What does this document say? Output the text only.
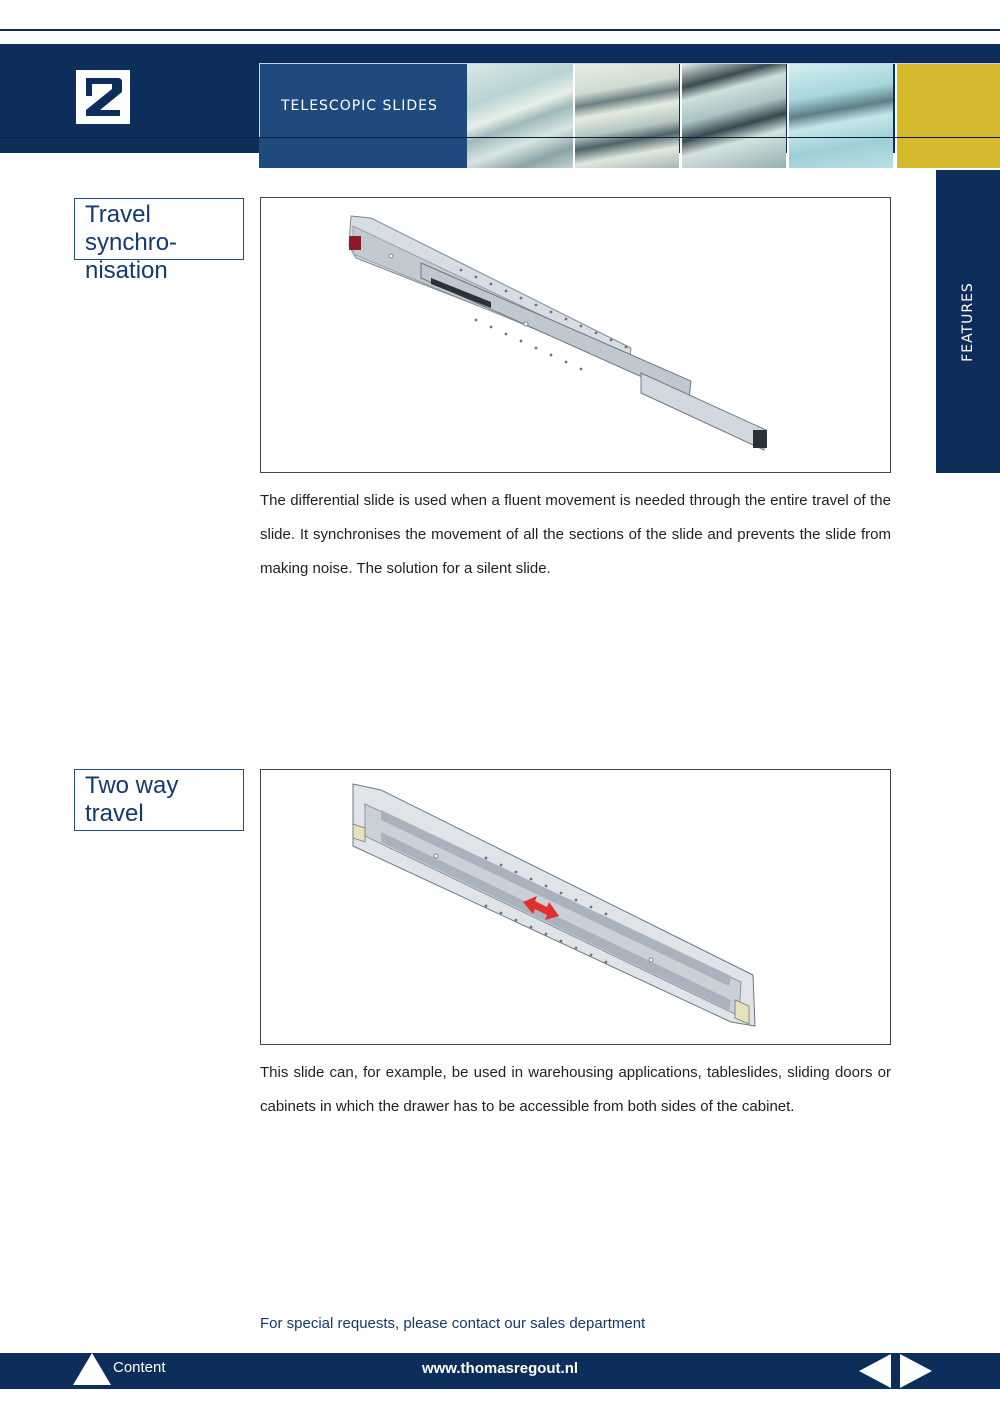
TELESCOPIC SLIDES
FEATURES
Travel synchro-
nisation
The differential slide is used when a fluent movement is needed through the entire travel of the slide. It synchronises the movement of all the sections of the slide and prevents the slide from making noise. The solution for a silent slide.
Two way
travel
This slide can, for example, be used in warehousing applications, tableslides, sliding doors or cabinets in which the drawer has to be accessible from both sides of the cabinet.
For special requests, please contact our sales department
Content	www.thomasregout.nl
